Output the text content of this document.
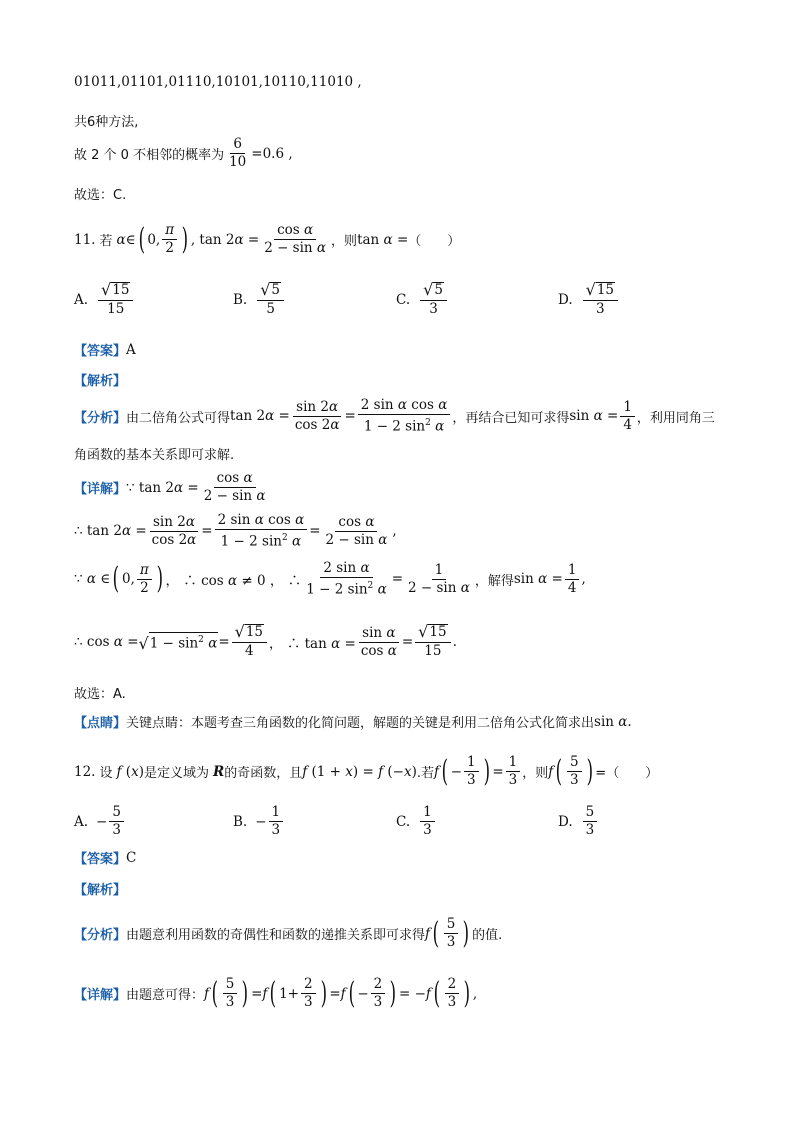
01011,01101,01110,10101,10110,11010 ,
共6种方法,
故 2 个 0 不相邻的概率为 $\frac{6}{10} =0.6$ ,
故选：C.
11. 若 α ∈ ( 0, $\frac{\pi}{2}$ ) , $\tan 2\alpha = \frac{\text{cos α}}{\text{2 − sin α}}$ ，则 tan α = （　　）
A. $\frac{√ 15}{15}$	B. $\frac{√ 5}{5}$	C. $\frac{√ 5}{3}$	D. $\frac{√ 15}{3}$
【答案】 A
【解析】
【分析】 由二倍角公式可得 $\tan 2\alpha = \frac{\sin 2\alpha}{\cos 2\alpha} = \frac{\text{2 sin α cos α}}{1 - 2 \sin^2 \alpha}$ ，再结合已知可求得 $\sin \alpha = \frac{1}{4}$ ，利用同角三
角函数的基本关系即可求解.
【详解】 ∵ $\tan 2\alpha = \frac{\text{cos α}}{\text{2 − sin α}}$
∴ $\tan 2\alpha = \frac{\sin 2\alpha}{\cos 2\alpha} = \frac{\text{2 sin α cos α}}{1 - 2 \sin^2 \alpha} = \frac{\text{cos α}}{\text{2 − sin α}}$ ,
∵ α ∈ ( 0, $\frac{\pi}{2}$ ) ， ∴ cos α ≠ 0 ， ∴ $\frac{\text{2 sin α}}{1 - 2 \sin^2 \alpha} = \frac{1}{\text{2 − sin α}}$ ， 解得 $\sin \alpha = \frac{1}{4}$ ,
∴ cos α = √ $1 - \sin^2 \alpha = \frac{√ 15}{4}$ ， ∴ $\tan \alpha = \frac{\text{sin α}}{\text{cos α}} = \frac{√ 15}{15}$ .
故选：A.
【点睛】 关键点睛：本题考查三角函数的化简问题，解题的关键是利用二倍角公式化简求出 sin α.
12. 设 f (x) 是定义域为 R 的奇函数，且 f (1 + x) = f (−x) .若 f ( − $\frac{1}{3}$ ) = $\frac{1}{3}$ ，则 f ( $\frac{5}{3}$ ) =（　　）
A. − $\frac{5}{3}$	B. − $\frac{1}{3}$	C. $\frac{1}{3}$	D. $\frac{5}{3}$
【答案】 C
【解析】
【分析】 由题意利用函数的奇偶性和函数的递推关系即可求得 f ( $\frac{5}{3}$ ) 的值.
【详解】 由题意可得： f ( $\frac{5}{3}$ ) = f ( $1+ \frac{2}{3}$ ) = f ( − $\frac{2}{3}$ ) = − f ( $\frac{2}{3}$ ) ,
